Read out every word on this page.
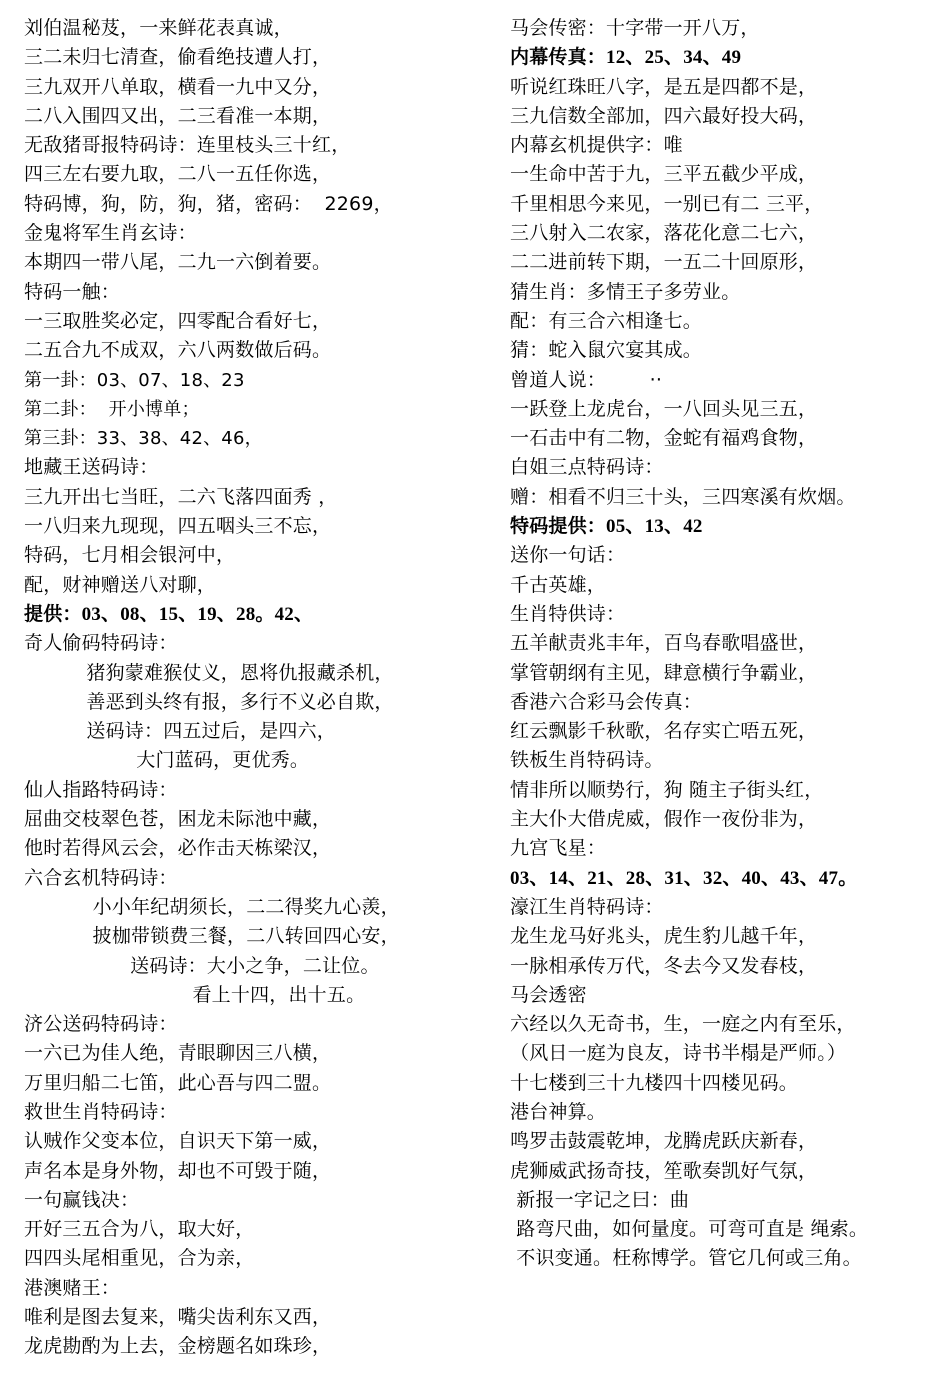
刘伯温秘芨，一来鲜花表真诚，
三二未归七清查，偷看绝技遭人打，
三九双开八单取，横看一九中又分，
二八入围四又出，二三看准一本期，
无敌猪哥报特码诗：连里枝头三十红，
四三左右要九取，二八一五任你选，
特码博，狗，防，狗，猪，密码：  2269，
金鬼将军生肖玄诗：
本期四一带八尾，二九一六倒着要。
特码一触：
一三取胜奖必定，四零配合看好七，
二五合九不成双，六八两数做后码。
第一卦：03、07、18、23
第二卦：  开小博单；
第三卦：33、38、42、46，
地藏王送码诗：
三九开出七当旺，二六飞落四面秀 ，
一八归来九现现，四五咽头三不忘，
特码，七月相会银河中，
配，财神赠送八对聊，
提供：03、08、15、19、28。42、
奇人偷码特码诗：
猪狗蒙难猴仗义，恩将仇报藏杀机，
善恶到头终有报，多行不义必自欺，
送码诗：四五过后，是四六，
大门蓝码，更优秀。
仙人指路特码诗：
屈曲交枝翠色苍，困龙未际池中藏，
他时若得风云会，必作击天栋梁汉，
六合玄机特码诗：
小小年纪胡须长，二二得奖九心羡，
披枷带锁费三餐，二八转回四心安，
送码诗：大小之争，二让位。
看上十四，出十五。
济公送码特码诗：
一六已为佳人绝，青眼聊因三八横，
万里归船二七笛，此心吾与四二盟。
救世生肖特码诗：
认贼作父变本位，自识天下第一威，
声名本是身外物，却也不可毁于随，
一句赢钱决：
开好三五合为八，取大好，
四四头尾相重见，合为亲，
港澳赌王：
唯利是图去复来，嘴尖齿利东又西，
龙虎勘酌为上去，金榜题名如珠珍，
马会传密：十字带一开八万，
内幕传真：12、25、34、49
听说红珠旺八字，是五是四都不是，
三九信数全部加，四六最好投大码，
内幕玄机提供字：唯
一生命中苦于九，三平五截少平成，
千里相思今来见，一别已有二 三平，
三八射入二农家，落花化意二七六，
二二进前转下期，一五二十回原形，
猜生肖：多情王子多劳业。
配：有三合六相逢七。
猜：蛇入鼠穴宴其成。
曾道人说：       ··
一跃登上龙虎台，一八回头见三五，
一石击中有二物，金蛇有福鸡食物，
白姐三点特码诗：
赠：相看不归三十头，三四寒溪有炊烟。
特码提供：05、13、42
送你一句话：
千古英雄，
生肖特供诗：
五羊献责兆丰年，百鸟春歌唱盛世，
掌管朝纲有主见，肆意横行争霸业，
香港六合彩马会传真：
红云飘影千秋歌，名存实亡唔五死，
铁板生肖特码诗。
情非所以顺势行，狗 随主子街头红，
主大仆大借虎威，假作一夜份非为，
九宫飞星：
03、14、21、28、31、32、40、43、47。
濠江生肖特码诗：
龙生龙马好兆头，虎生豹儿越千年，
一脉相承传万代，冬去今又发春枝，
马会透密
六经以久无奇书，生，一庭之内有至乐，
（风日一庭为良友，诗书半榻是严师。）
十七楼到三十九楼四十四楼见码。
港台神算。
鸣罗击鼓震乾坤，龙腾虎跃庆新春，
虎狮威武扬奇技，笙歌奏凯好气氛，
新报一字记之曰：曲
路弯尺曲，如何量度。可弯可直是 绳索。
不识变通。枉称博学。管它几何或三角。
